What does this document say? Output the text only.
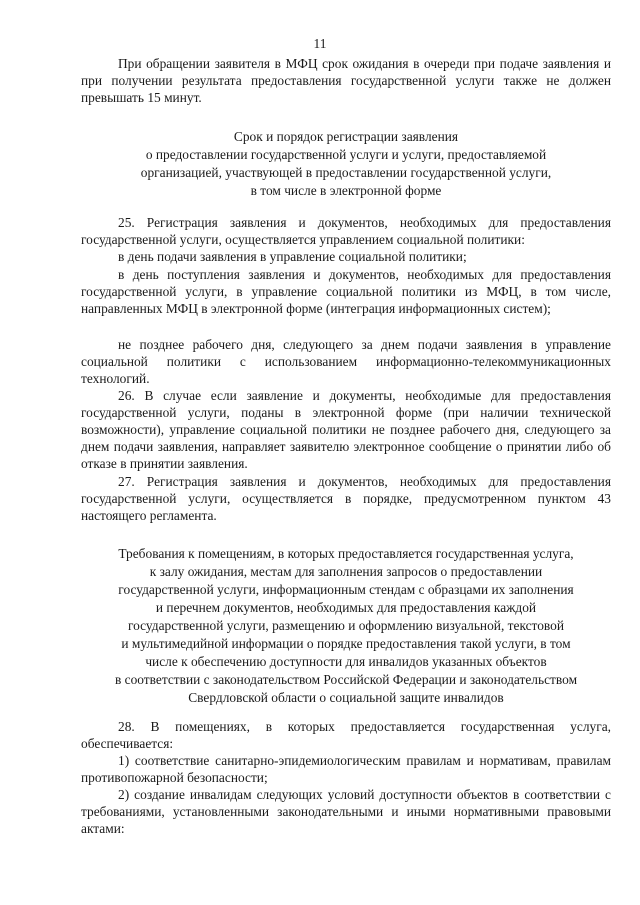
11

При обращении заявителя в МФЦ срок ожидания в очереди при подаче заявления и при получении результата предоставления государственной услуги также не должен превышать 15 минут.

Срок и порядок регистрации заявления

о предоставлении государственной услуги и услуги, предоставляемой

организацией, участвующей в предоставлении государственной услуги,

в том числе в электронной форме

25. Регистрация заявления и документов, необходимых для предоставления государственной услуги, осуществляется управлением социальной политики:

в день подачи заявления в управление социальной политики;

в день поступления заявления и документов, необходимых для предоставления государственной услуги, в управление социальной политики из МФЦ, в том числе, направленных МФЦ в электронной форме (интеграция информационных систем);

не позднее рабочего дня, следующего за днем подачи заявления в управление социальной политики с использованием информационно-телекоммуникационных технологий.

26. В случае если заявление и документы, необходимые для предоставления государственной услуги, поданы в электронной форме (при наличии технической возможности), управление социальной политики не позднее рабочего дня, следующего за днем подачи заявления, направляет заявителю электронное сообщение о принятии либо об отказе в принятии заявления.

27. Регистрация заявления и документов, необходимых для предоставления государственной услуги, осуществляется в порядке, предусмотренном пунктом 43 настоящего регламента.

Требования к помещениям, в которых предоставляется государственная услуга,

к залу ожидания, местам для заполнения запросов о предоставлении

государственной услуги, информационным стендам с образцами их заполнения

и перечнем документов, необходимых для предоставления каждой

государственной услуги, размещению и оформлению визуальной, текстовой

и мультимедийной информации о порядке предоставления такой услуги, в том

числе к обеспечению доступности для инвалидов указанных объектов

в соответствии с законодательством Российской Федерации и законодательством

Свердловской области о социальной защите инвалидов

28. В помещениях, в которых предоставляется государственная услуга, обеспечивается:

1) соответствие санитарно-эпидемиологическим правилам и нормативам, правилам противопожарной безопасности;

2) создание инвалидам следующих условий доступности объектов в соответствии с требованиями, установленными законодательными и иными нормативными правовыми актами:
